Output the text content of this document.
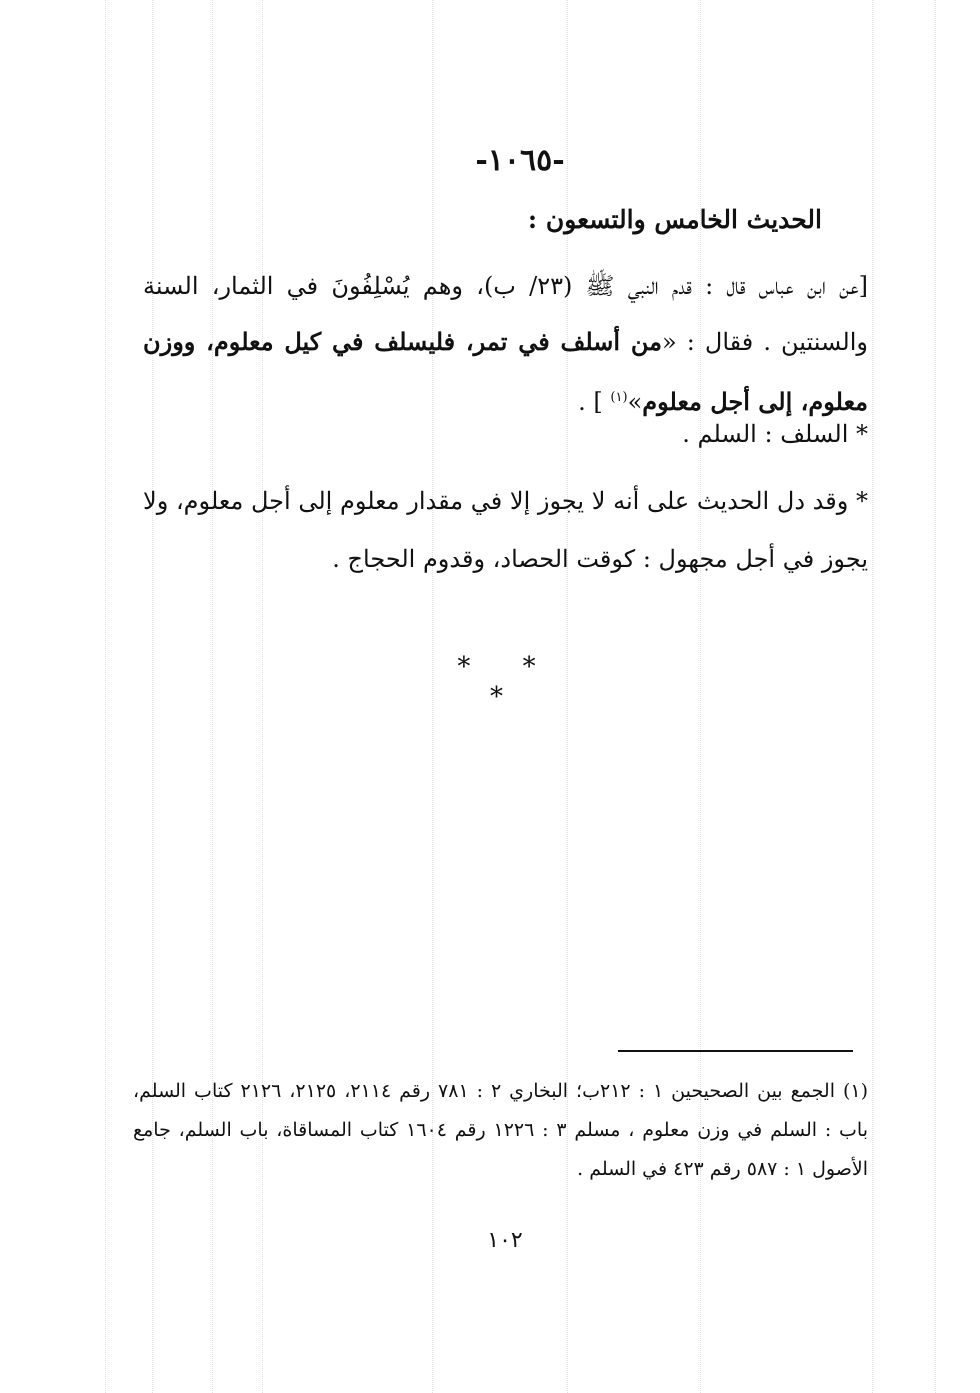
-١٠٦٥-
الحديث الخامس والتسعون :
[عن ابن عباس قال : قدم النبي ﷺ (٢٣/ ب)، وهم يُسْلِفُونَ في الثمار، السنة والسنتين . فقال : «من أسلف في تمر، فليسلف في كيل معلوم، ووزن معلوم، إلى أجل معلوم»$^{(١)}$ ] .
* السلف : السلم .
* وقد دل الحديث على أنه لا يجوز إلا في مقدار معلوم إلى أجل معلوم، ولا يجوز في أجل مجهول : كوقت الحصاد، وقدوم الحجاج .
* * *
(١) الجمع بين الصحيحين ١ : ٢١٢ب؛ البخاري ٢ : ٧٨١ رقم ٢١١٤، ٢١٢٥، ٢١٢٦ كتاب السلم، باب : السلم في وزن معلوم ، مسلم ٣ : ١٢٢٦ رقم ١٦٠٤ كتاب المساقاة، باب السلم، جامع الأصول ١ : ٥٨٧ رقم ٤٢٣ في السلم .
١٠٢
